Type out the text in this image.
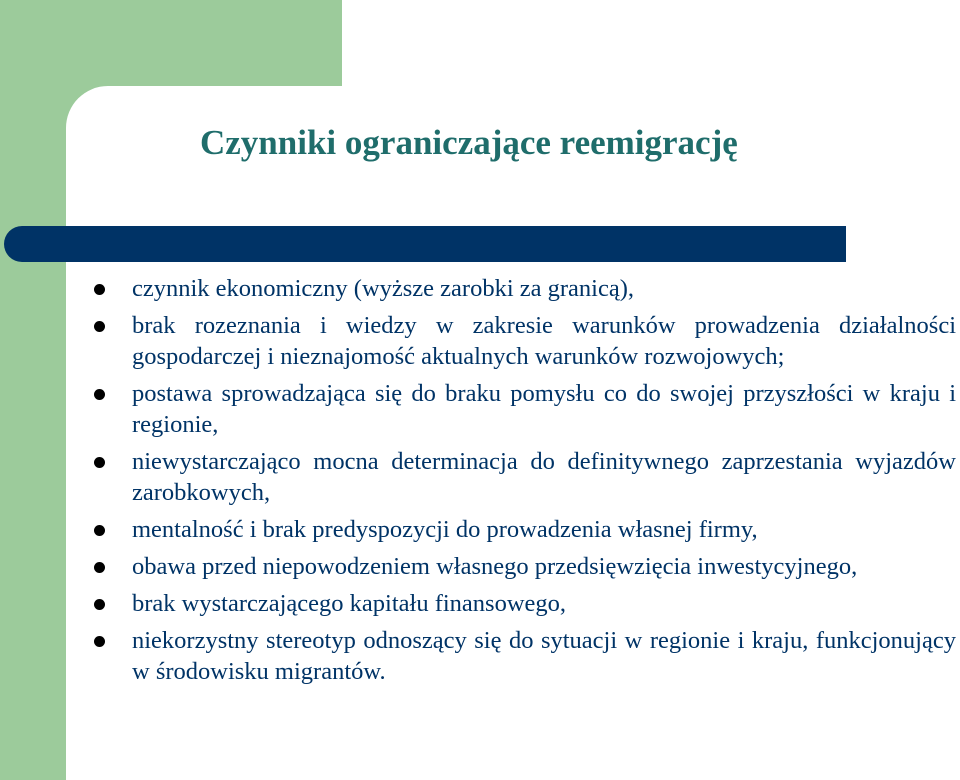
Czynniki ograniczające reemigrację
czynnik ekonomiczny (wyższe zarobki za granicą),
brak rozeznania i wiedzy w zakresie warunków prowadzenia działalności gospodarczej i nieznajomość aktualnych warunków rozwojowych;
postawa sprowadzająca się do braku pomysłu co do swojej przyszłości w kraju i regionie,
niewystarczająco mocna determinacja do definitywnego zaprzestania wyjazdów zarobkowych,
mentalność i brak predyspozycji do prowadzenia własnej firmy,
obawa przed niepowodzeniem własnego przedsięwzięcia inwestycyjnego,
brak wystarczającego kapitału finansowego,
niekorzystny stereotyp odnoszący się do sytuacji w regionie i kraju, funkcjonujący w środowisku migrantów.
